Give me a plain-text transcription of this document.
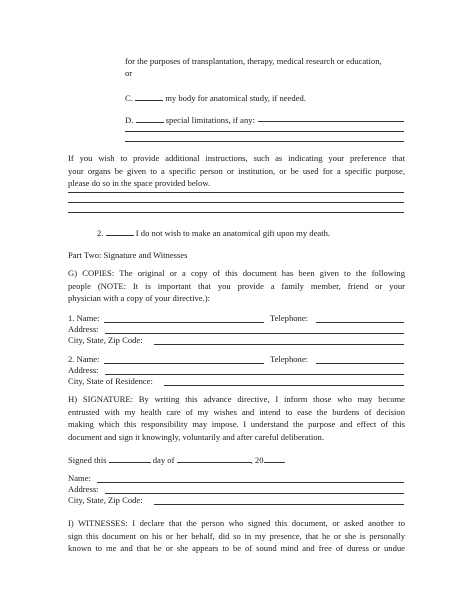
for the purposes of transplantation, therapy, medical research or education,
or
C.	my body for anatomical study, if needed.
D.	special limitations, if any:
If you wish to provide additional instructions, such as indicating your preference that
your organs be given to a specific person or institution, or be used for a specific purpose,
please do so in the space provided below.
2.	I do not wish to make an anatomical gift upon my death.
Part Two: Signature and Witnesses
G) COPIES: The original or a copy of this document has been given to the following
people (NOTE: It is important that you provide a family member, friend or your
physician with a copy of your directive.):
1. Name:	Telephone:
Address:
City, State, Zip Code:
2. Name:	Telephone:
Address:
City, State of Residence:
H) SIGNATURE: By writing this advance directive, I inform those who may become
entrusted with my health care of my wishes and intend to ease the burdens of decision
making which this responsibility may impose. I understand the purpose and effect of this
document and sign it knowingly, voluntarily and after careful deliberation.
Signed this	day of	, 20 .
Name:
Address:
City, State, Zip Code:
I) WITNESSES: I declare that the person who signed this document, or asked another to
sign this document on his or her behalf, did so in my presence, that he or she is personally
known to me and that he or she appears to be of sound mind and free of duress or undue
